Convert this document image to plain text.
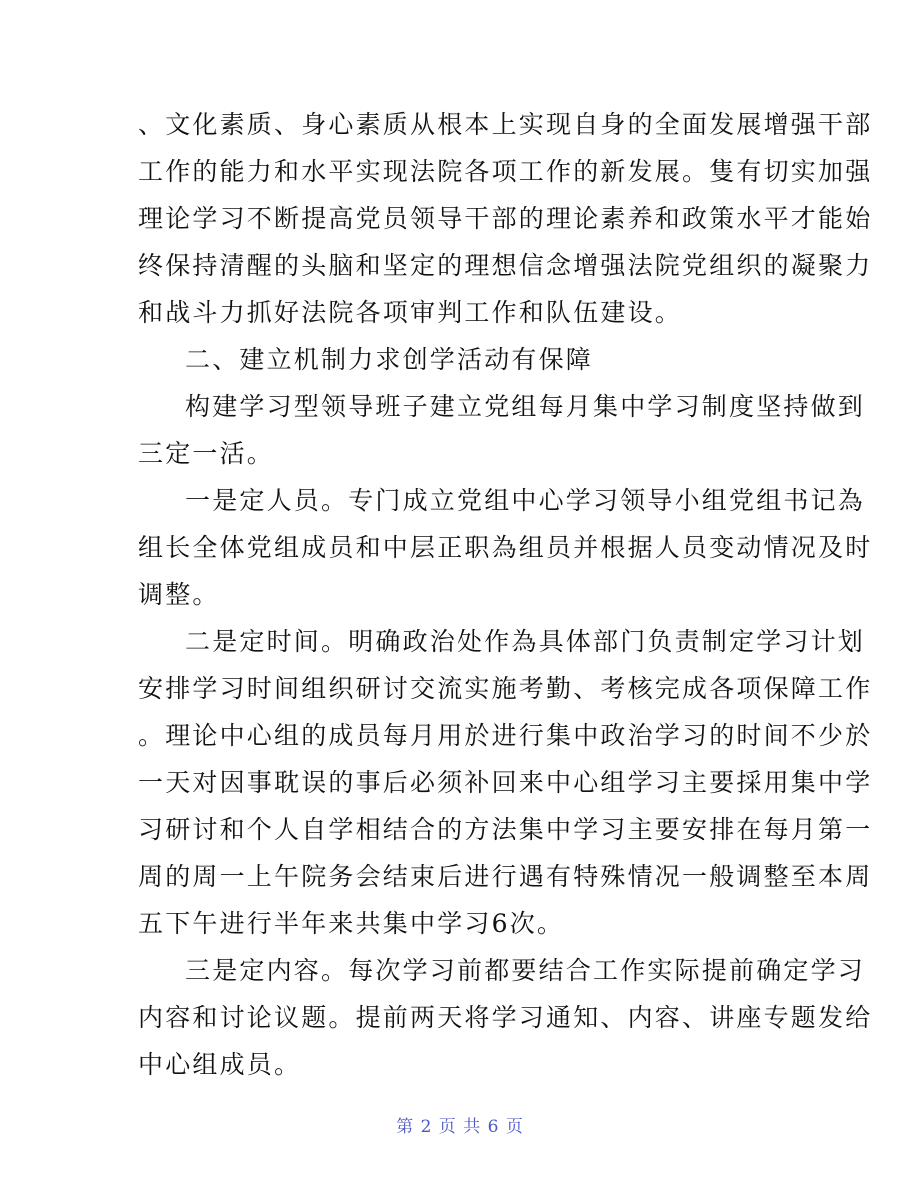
、文化素质、身心素质从根本上实现自身的全面发展增强干部
工作的能力和水平实现法院各项工作的新发展。隻有切实加强
理论学习不断提高党员领导干部的理论素养和政策水平才能始
终保持清醒的头脑和坚定的理想信念增强法院党组织的凝聚力
和战斗力抓好法院各项审判工作和队伍建设。
二、建立机制力求创学活动有保障
构建学习型领导班子建立党组每月集中学习制度坚持做到
三定一活。
一是定人员。专门成立党组中心学习领导小组党组书记為
组长全体党组成员和中层正职為组员并根据人员变动情况及时
调整。
二是定时间。明确政治处作為具体部门负责制定学习计划
安排学习时间组织研讨交流实施考勤、考核完成各项保障工作
。理论中心组的成员每月用於进行集中政治学习的时间不少於
一天对因事耽误的事后必须补回来中心组学习主要採用集中学
习研讨和个人自学相结合的方法集中学习主要安排在每月第一
周的周一上午院务会结束后进行遇有特殊情况一般调整至本周
五下午进行半年来共集中学习6次。
三是定内容。每次学习前都要结合工作实际提前确定学习
内容和讨论议题。提前两天将学习通知、内容、讲座专题发给
中心组成员。
第 2 页 共 6 页
